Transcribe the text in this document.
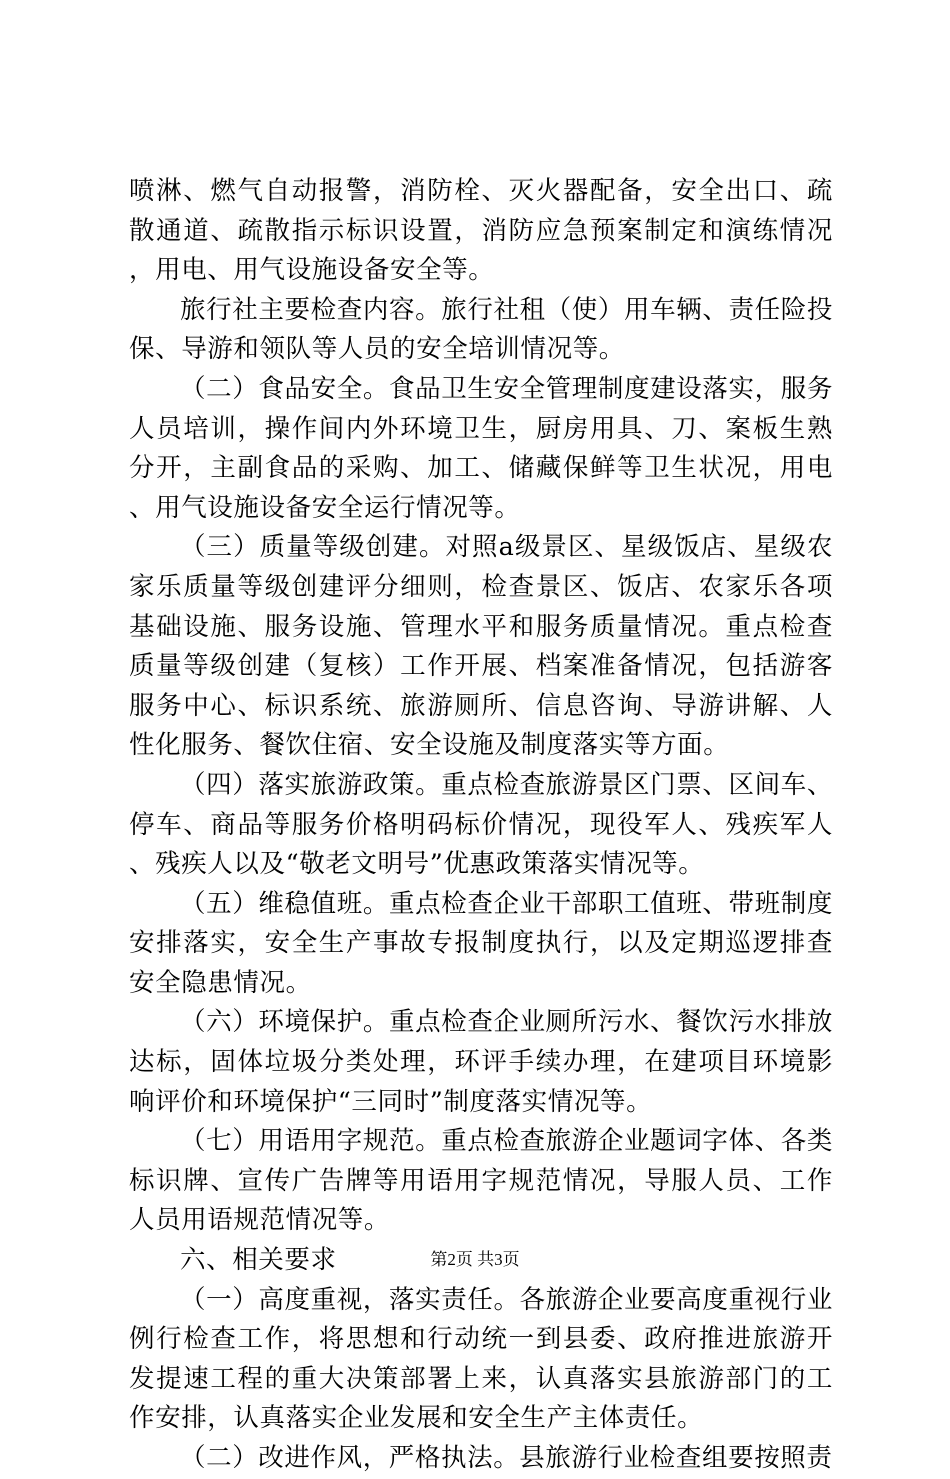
喷淋、燃气自动报警，消防栓、灭火器配备，安全出口、疏散通道、疏散指示标识设置，消防应急预案制定和演练情况，用电、用气设施设备安全等。

旅行社主要检查内容。旅行社租（使）用车辆、责任险投保、导游和领队等人员的安全培训情况等。

（二）食品安全。食品卫生安全管理制度建设落实，服务人员培训，操作间内外环境卫生，厨房用具、刀、案板生熟分开，主副食品的采购、加工、储藏保鲜等卫生状况，用电、用气设施设备安全运行情况等。

（三）质量等级创建。对照a级景区、星级饭店、星级农家乐质量等级创建评分细则，检查景区、饭店、农家乐各项基础设施、服务设施、管理水平和服务质量情况。重点检查质量等级创建（复核）工作开展、档案准备情况，包括游客服务中心、标识系统、旅游厕所、信息咨询、导游讲解、人性化服务、餐饮住宿、安全设施及制度落实等方面。

（四）落实旅游政策。重点检查旅游景区门票、区间车、停车、商品等服务价格明码标价情况，现役军人、残疾军人、残疾人以及“敬老文明号”优惠政策落实情况等。

（五）维稳值班。重点检查企业干部职工值班、带班制度安排落实，安全生产事故专报制度执行，以及定期巡逻排查安全隐患情况。

（六）环境保护。重点检查企业厕所污水、餐饮污水排放达标，固体垃圾分类处理，环评手续办理，在建项目环境影响评价和环境保护“三同时”制度落实情况等。

（七）用语用字规范。重点检查旅游企业题词字体、各类标识牌、宣传广告牌等用语用字规范情况，导服人员、工作人员用语规范情况等。

六、相关要求

（一）高度重视，落实责任。各旅游企业要高度重视行业例行检查工作，将思想和行动统一到县委、政府推进旅游开发提速工程的重大决策部署上来，认真落实县旅游部门的工作安排，认真落实企业发展和安全生产主体责任。

（二）改进作风，严格执法。县旅游行业检查组要按照责

第2页 共3页
